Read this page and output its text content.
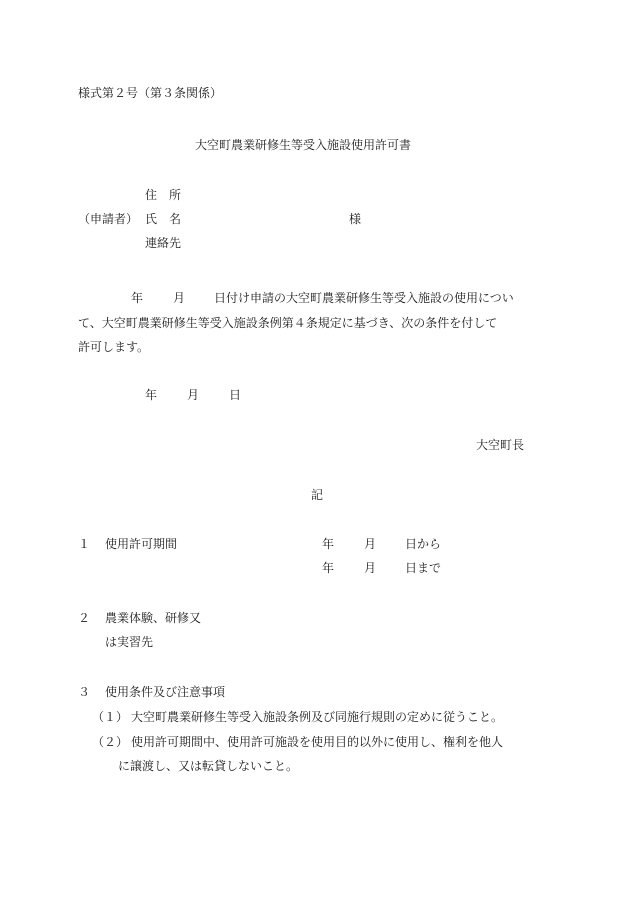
様式第２号（第３条関係）
大空町農業研修生等受入施設使用許可書
住　所
（申請者） 氏　名	様
連絡先
年 月 日付け申請の大空町農業研修生等受入施設の使用につい
て、大空町農業研修生等受入施設条例第４条規定に基づき、次の条件を付して
許可します。
年 月 日
大空町長
記
１ 使用許可期間	年 月 日から
年 月 日まで
２ 農業体験、研修又
は実習先
３ 使用条件及び注意事項
（１） 大空町農業研修生等受入施設条例及び同施行規則の定めに従うこと。
（２） 使用許可期間中、使用許可施設を使用目的以外に使用し、権利を他人
に譲渡し、又は転貸しないこと。
